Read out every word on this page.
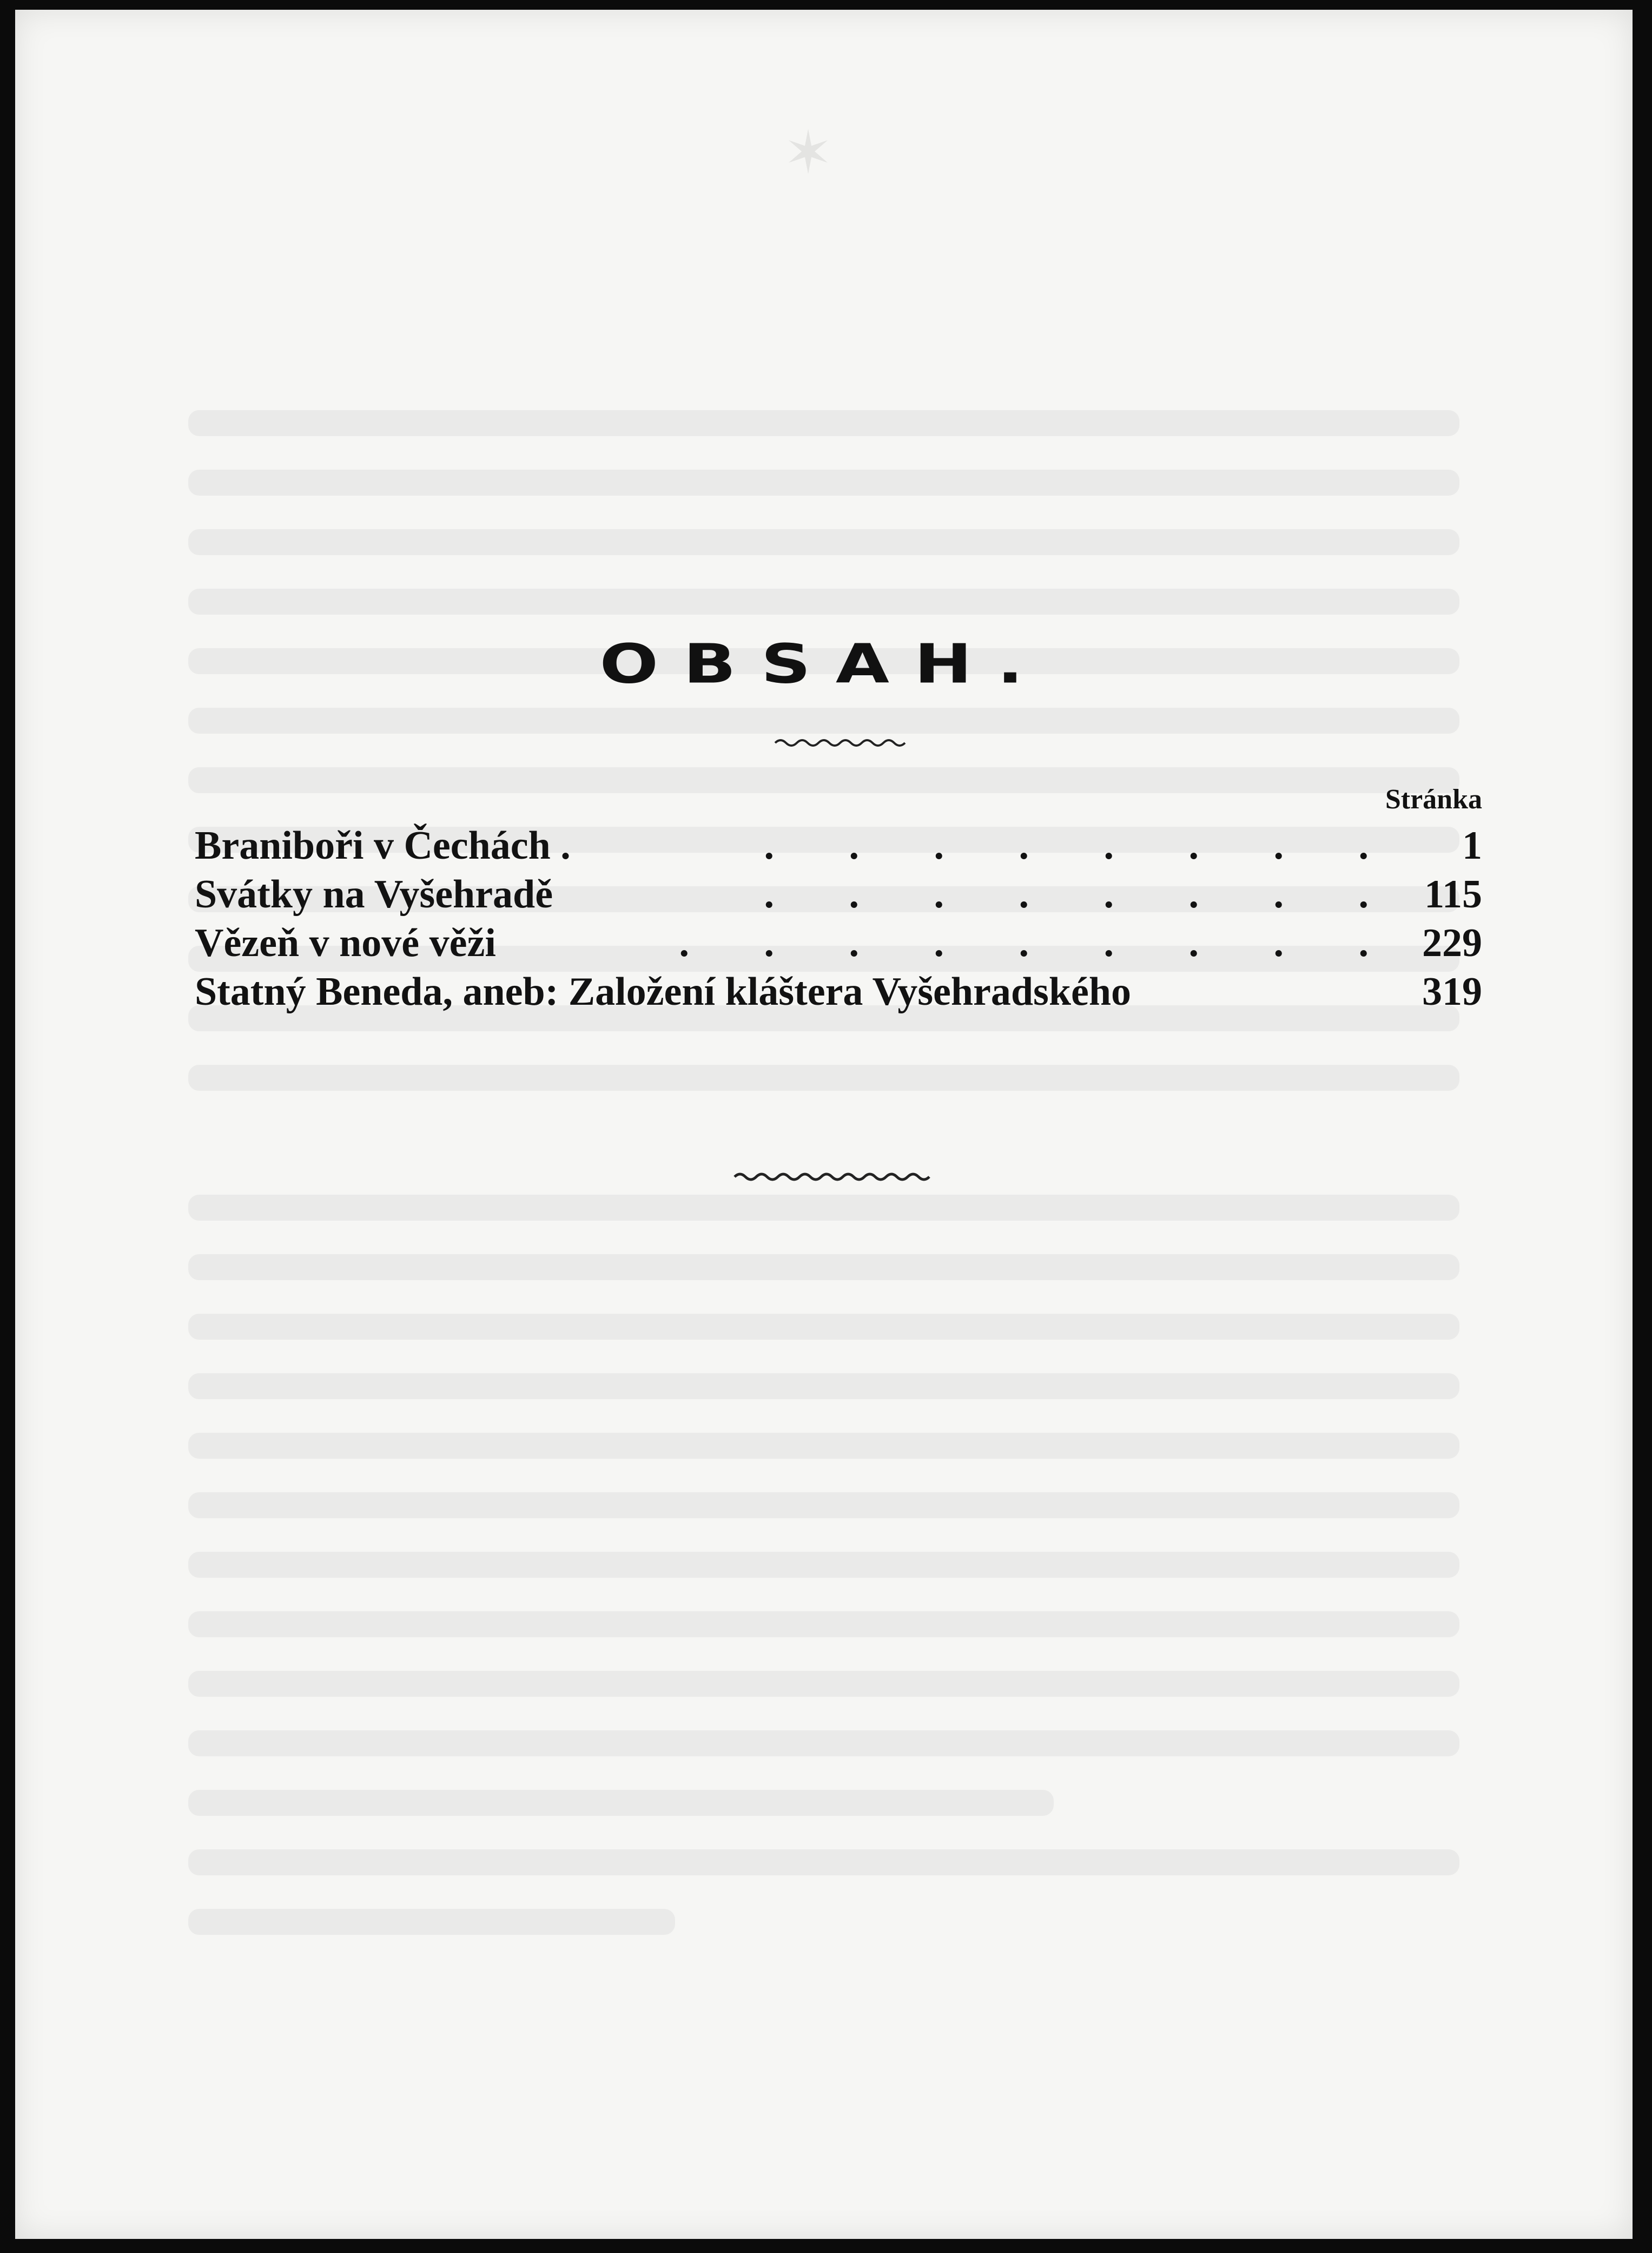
✶
OBSAH.
Stránka
Braniboři v Čechách .	. . . . . . . . 1
Svátky na Vyšehradě	. . . . . . . . 115
Vězeň v nové věži	. . . . . . . . . 229
Statný Beneda, aneb: Založení kláštera Vyšehradského	319
